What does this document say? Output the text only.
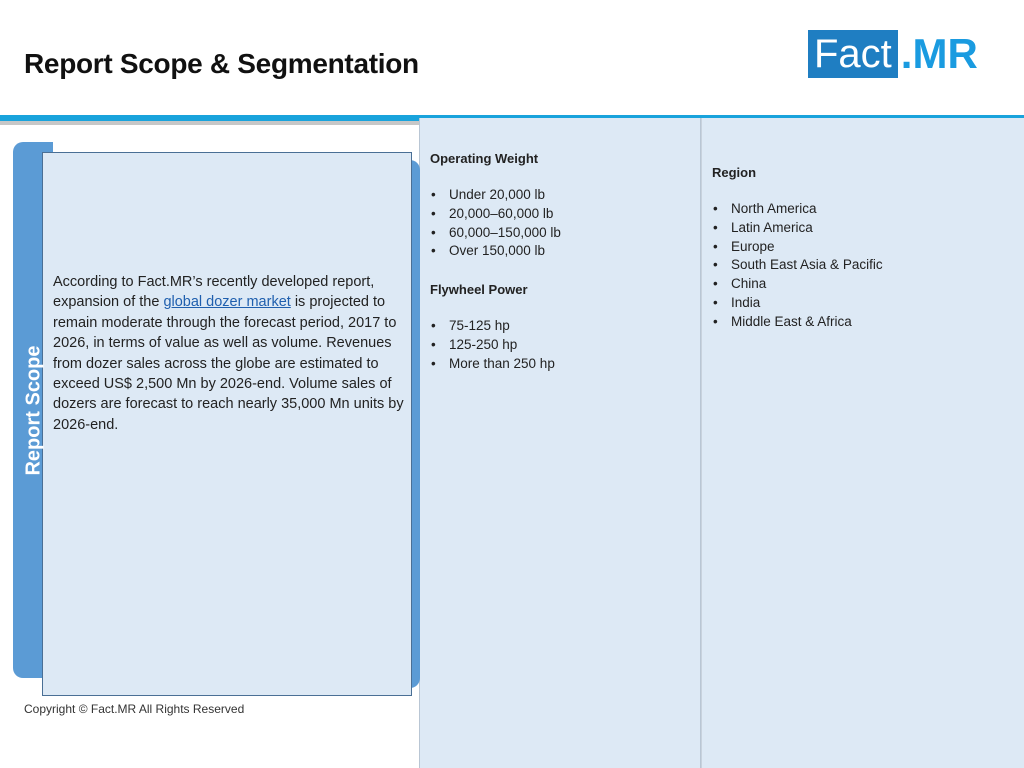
Report Scope & Segmentation	Fact .MR
Operating Weight
• Under 20,000 lb
• 20,000–60,000 lb
• 60,000–150,000 lb
• Over 150,000 lb
Flywheel Power
• 75-125 hp
• 125-250 hp
• More than 250 hp
Region
• North America
• Latin America
• Europe
• South East Asia & Pacific
• China
• India
• Middle East & Africa

According to Fact.MR’s recently developed report, expansion of the global dozer market is projected to remain moderate through the forecast period, 2017 to 2026, in terms of value as well as volume. Revenues from dozer sales across the globe are estimated to exceed US$ 2,500 Mn by 2026-end. Volume sales of dozers are forecast to reach nearly 35,000 Mn units by 2026-end.

Report Scope

Copyright © Fact.MR All Rights Reserved
